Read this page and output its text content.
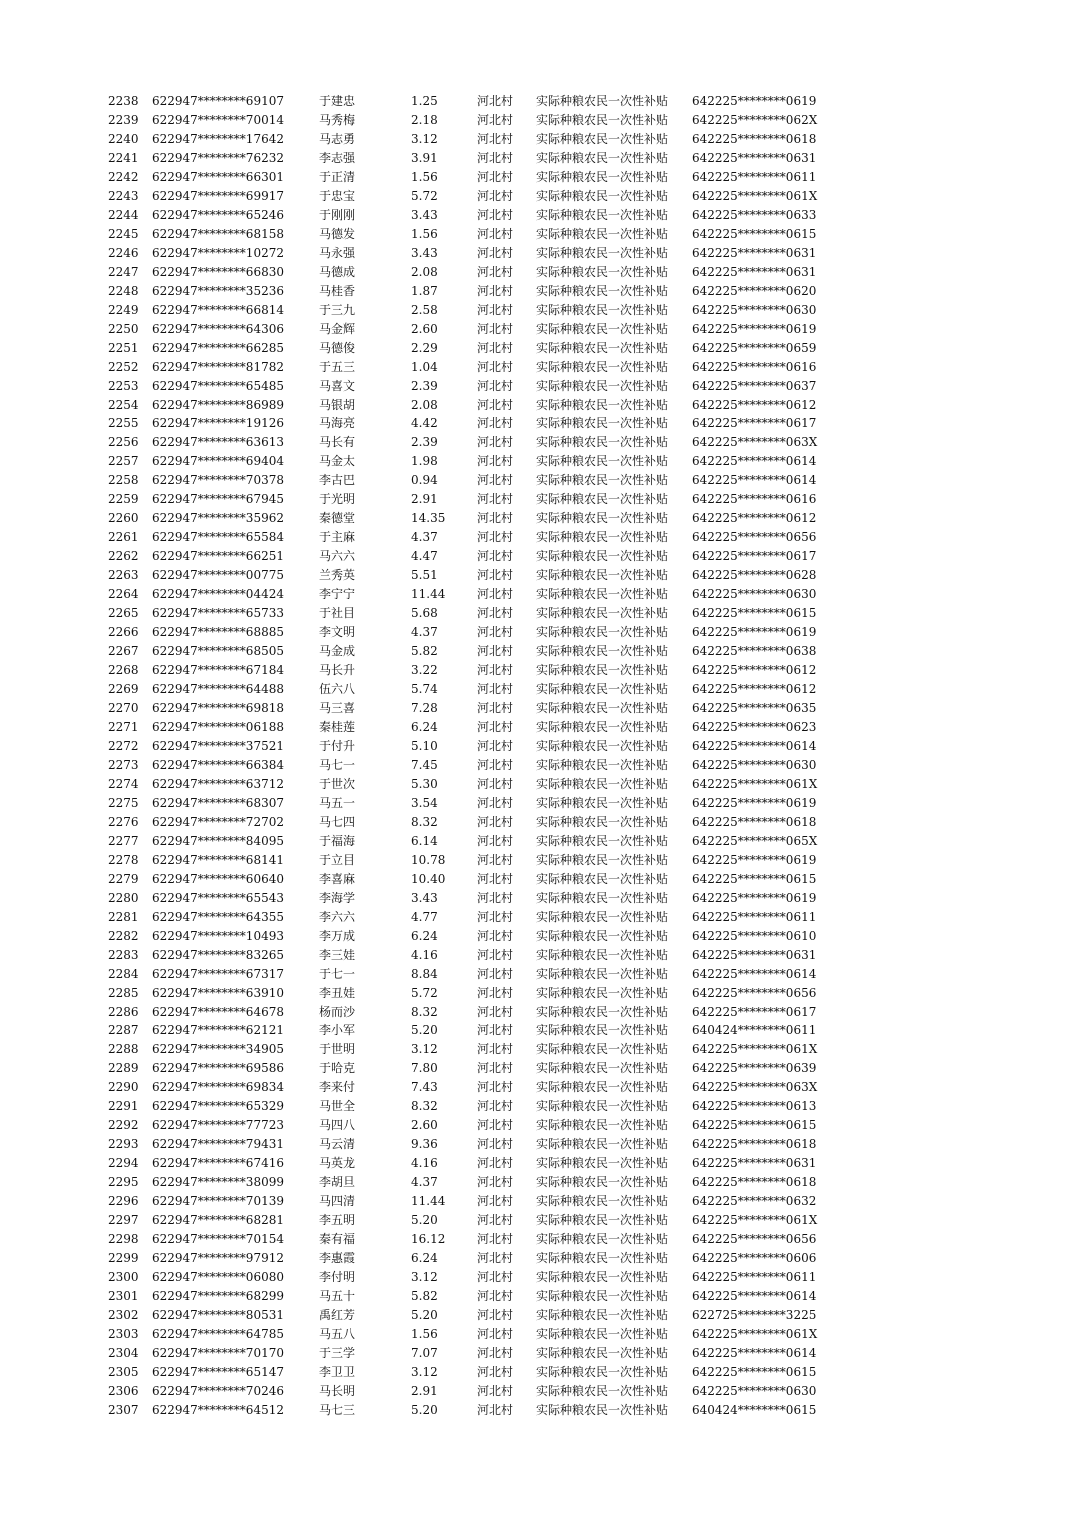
2238 622947********69107	于建忠	1.25	河北村 实际种粮农民一次性补贴 642225********0619
2239 622947********70014	马秀梅	2.18	河北村 实际种粮农民一次性补贴 642225********062X
2240 622947********17642	马志勇	3.12	河北村 实际种粮农民一次性补贴 642225********0618
2241 622947********76232	李志强	3.91	河北村 实际种粮农民一次性补贴 642225********0631
2242 622947********66301	于正清	1.56	河北村 实际种粮农民一次性补贴 642225********0611
2243 622947********69917	于忠宝	5.72	河北村 实际种粮农民一次性补贴 642225********061X
2244 622947********65246	于刚刚	3.43	河北村 实际种粮农民一次性补贴 642225********0633
2245 622947********68158	马德发	1.56	河北村 实际种粮农民一次性补贴 642225********0615
2246 622947********10272	马永强	3.43	河北村 实际种粮农民一次性补贴 642225********0631
2247 622947********66830	马德成	2.08	河北村 实际种粮农民一次性补贴 642225********0631
2248 622947********35236	马桂香	1.87	河北村 实际种粮农民一次性补贴 642225********0620
2249 622947********66814	于三九	2.58	河北村 实际种粮农民一次性补贴 642225********0630
2250 622947********64306	马金辉	2.60	河北村 实际种粮农民一次性补贴 642225********0619
2251 622947********66285	马德俊	2.29	河北村 实际种粮农民一次性补贴 642225********0659
2252 622947********81782	于五三	1.04	河北村 实际种粮农民一次性补贴 642225********0616
2253 622947********65485	马喜文	2.39	河北村 实际种粮农民一次性补贴 642225********0637
2254 622947********86989	马银胡	2.08	河北村 实际种粮农民一次性补贴 642225********0612
2255 622947********19126	马海亮	4.42	河北村 实际种粮农民一次性补贴 642225********0617
2256 622947********63613	马长有	2.39	河北村 实际种粮农民一次性补贴 642225********063X
2257 622947********69404	马金太	1.98	河北村 实际种粮农民一次性补贴 642225********0614
2258 622947********70378	李古巴	0.94	河北村 实际种粮农民一次性补贴 642225********0614
2259 622947********67945	于光明	2.91	河北村 实际种粮农民一次性补贴 642225********0616
2260 622947********35962	秦德堂	14.35	河北村 实际种粮农民一次性补贴 642225********0612
2261 622947********65584	于主麻	4.37	河北村 实际种粮农民一次性补贴 642225********0656
2262 622947********66251	马六六	4.47	河北村 实际种粮农民一次性补贴 642225********0617
2263 622947********00775	兰秀英	5.51	河北村 实际种粮农民一次性补贴 642225********0628
2264 622947********04424	李宁宁	11.44	河北村 实际种粮农民一次性补贴 642225********0630
2265 622947********65733	于社目	5.68	河北村 实际种粮农民一次性补贴 642225********0615
2266 622947********68885	李文明	4.37	河北村 实际种粮农民一次性补贴 642225********0619
2267 622947********68505	马金成	5.82	河北村 实际种粮农民一次性补贴 642225********0638
2268 622947********67184	马长升	3.22	河北村 实际种粮农民一次性补贴 642225********0612
2269 622947********64488	伍六八	5.74	河北村 实际种粮农民一次性补贴 642225********0612
2270 622947********69818	马三喜	7.28	河北村 实际种粮农民一次性补贴 642225********0635
2271 622947********06188	秦桂莲	6.24	河北村 实际种粮农民一次性补贴 642225********0623
2272 622947********37521	于付升	5.10	河北村 实际种粮农民一次性补贴 642225********0614
2273 622947********66384	马七一	7.45	河北村 实际种粮农民一次性补贴 642225********0630
2274 622947********63712	于世次	5.30	河北村 实际种粮农民一次性补贴 642225********061X
2275 622947********68307	马五一	3.54	河北村 实际种粮农民一次性补贴 642225********0619
2276 622947********72702	马七四	8.32	河北村 实际种粮农民一次性补贴 642225********0618
2277 622947********84095	于福海	6.14	河北村 实际种粮农民一次性补贴 642225********065X
2278 622947********68141	于立目	10.78	河北村 实际种粮农民一次性补贴 642225********0619
2279 622947********60640	李喜麻	10.40	河北村 实际种粮农民一次性补贴 642225********0615
2280 622947********65543	李海学	3.43	河北村 实际种粮农民一次性补贴 642225********0619
2281 622947********64355	李六六	4.77	河北村 实际种粮农民一次性补贴 642225********0611
2282 622947********10493	李万成	6.24	河北村 实际种粮农民一次性补贴 642225********0610
2283 622947********83265	李三娃	4.16	河北村 实际种粮农民一次性补贴 642225********0631
2284 622947********67317	于七一	8.84	河北村 实际种粮农民一次性补贴 642225********0614
2285 622947********63910	李丑娃	5.72	河北村 实际种粮农民一次性补贴 642225********0656
2286 622947********64678	杨而沙	8.32	河北村 实际种粮农民一次性补贴 642225********0617
2287 622947********62121	李小军	5.20	河北村 实际种粮农民一次性补贴 640424********0611
2288 622947********34905	于世明	3.12	河北村 实际种粮农民一次性补贴 642225********061X
2289 622947********69586	于哈克	7.80	河北村 实际种粮农民一次性补贴 642225********0639
2290 622947********69834	李来付	7.43	河北村 实际种粮农民一次性补贴 642225********063X
2291 622947********65329	马世全	8.32	河北村 实际种粮农民一次性补贴 642225********0613
2292 622947********77723	马四八	2.60	河北村 实际种粮农民一次性补贴 642225********0615
2293 622947********79431	马云清	9.36	河北村 实际种粮农民一次性补贴 642225********0618
2294 622947********67416	马英龙	4.16	河北村 实际种粮农民一次性补贴 642225********0631
2295 622947********38099	李胡旦	4.37	河北村 实际种粮农民一次性补贴 642225********0618
2296 622947********70139	马四清	11.44	河北村 实际种粮农民一次性补贴 642225********0632
2297 622947********68281	李五明	5.20	河北村 实际种粮农民一次性补贴 642225********061X
2298 622947********70154	秦有福	16.12	河北村 实际种粮农民一次性补贴 642225********0656
2299 622947********97912	李惠霞	6.24	河北村 实际种粮农民一次性补贴 642225********0606
2300 622947********06080	李付明	3.12	河北村 实际种粮农民一次性补贴 642225********0611
2301 622947********68299	马五十	5.82	河北村 实际种粮农民一次性补贴 642225********0614
2302 622947********80531	禹红芳	5.20	河北村 实际种粮农民一次性补贴 622725********3225
2303 622947********64785	马五八	1.56	河北村 实际种粮农民一次性补贴 642225********061X
2304 622947********70170	于三学	7.07	河北村 实际种粮农民一次性补贴 642225********0614
2305 622947********65147	李卫卫	3.12	河北村 实际种粮农民一次性补贴 642225********0615
2306 622947********70246	马长明	2.91	河北村 实际种粮农民一次性补贴 642225********0630
2307 622947********64512	马七三	5.20	河北村 实际种粮农民一次性补贴 640424********0615
